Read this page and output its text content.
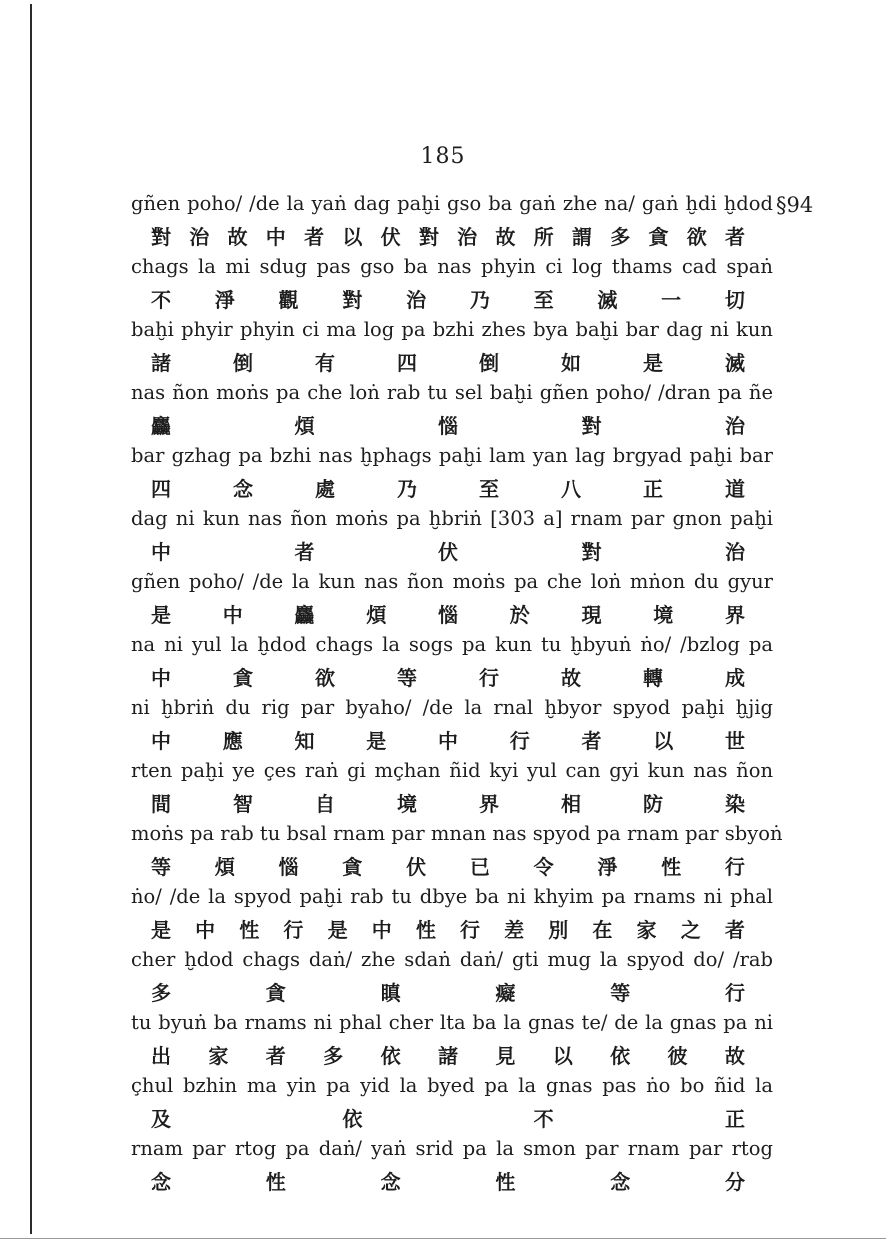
185
§94
gñen poho/ /de la yaṅ dag paḫi gso ba gaṅ zhe na/ gaṅ ḫdi ḫdod
對 治 故 中 者 以 伏 對 治 故 所 謂 多 貪 欲 者
chags la mi sdug pas gso ba nas phyin ci log thams cad spaṅ
不 淨 觀 對 治 乃 至 滅 一 切
baḫi phyir phyin ci ma log pa bzhi zhes bya baḫi bar dag ni kun
諸	倒	有	四	倒	如	是	滅
nas ñon moṅs pa che loṅ rab tu sel baḫi gñen poho/ /dran pa ñe
麤	煩	惱	對	治
bar gzhag pa bzhi nas ḫphags paḫi lam yan lag brgyad paḫi bar
四	念	處	乃	至	八	正	道
dag ni kun nas ñon moṅs pa ḫbriṅ [303 a] rnam par gnon paḫi
中	者	伏	對	治
gñen poho/ /de la kun nas ñon moṅs pa che loṅ mṅon du gyur
是	中	麤	煩	惱	於	現	境	界
na ni yul la ḫdod chags la sogs pa kun tu ḫbyuṅ ṅo/ /bzlog pa
中	貪	欲	等	行	故	轉	成
ni ḫbriṅ du rig par byaho/ /de la rnal ḫbyor spyod paḫi ḫjig
中	應	知	是	中	行	者	以	世
rten paḫi ye çes raṅ gi mçhan ñid kyi yul can gyi kun nas ñon
間	智	自	境	界	相	防	染
moṅs pa rab tu bsal rnam par mnan nas spyod pa rnam par sbyoṅ
等 煩 惱 貪 伏 已 令 淨 性 行
ṅo/ /de la spyod paḫi rab tu dbye ba ni khyim pa rnams ni phal
是 中 性 行 是 中 性 行 差 別 在 家 之 者
cher ḫdod chags daṅ/ zhe sdaṅ daṅ/ gti mug la spyod do/ /rab
多	貪	瞋	癡	等	行
tu byuṅ ba rnams ni phal cher lta ba la gnas te/ de la gnas pa ni
出 家 者 多 依 諸 見 以 依 彼 故
çhul bzhin ma yin pa yid la byed pa la gnas pas ṅo bo ñid la
及	依	不	正
rnam par rtog pa daṅ/ yaṅ srid pa la smon par rnam par rtog
念	性	念	性	念	分
